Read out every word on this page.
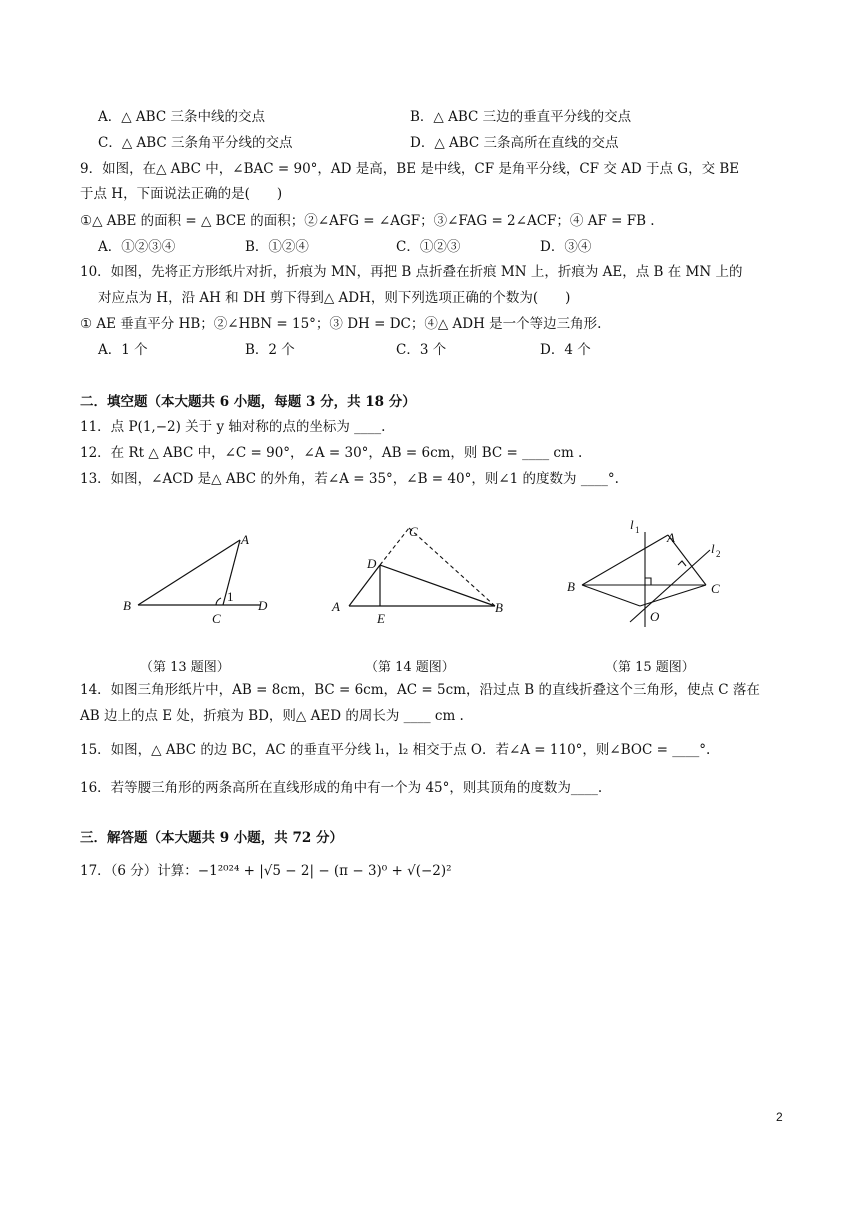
A．△ ABC 三条中线的交点	B．△ ABC 三边的垂直平分线的交点
C．△ ABC 三条角平分线的交点	D．△ ABC 三条高所在直线的交点
9．如图，在△ ABC 中，∠BAC = 90°，AD 是高，BE 是中线，CF 是角平分线，CF 交 AD 于点 G，交 BE
于点 H，下面说法正确的是(　　)
①△ ABE 的面积 = △ BCE 的面积；②∠AFG = ∠AGF；③∠FAG = 2∠ACF；④ AF = FB .
A．①②③④	B．①②④	C．①②③	D．③④
10．如图，先将正方形纸片对折，折痕为 MN，再把 B 点折叠在折痕 MN 上，折痕为 AE，点 B 在 MN 上的
对应点为 H，沿 AH 和 DH 剪下得到△ ADH，则下列选项正确的个数为(　　)
① AE 垂直平分 HB；②∠HBN = 15°；③ DH = DC；④△ ADH 是一个等边三角形.
A．1 个	B．2 个	C．3 个	D．4 个
二．填空题（本大题共 6 小题，每题 3 分，共 18 分）
11．点 P(1,−2) 关于 y 轴对称的点的坐标为 ____.
12．在 Rt △ ABC 中，∠C = 90°，∠A = 30°，AB = 6cm，则 BC = ____ cm .
13．如图，∠ACD 是△ ABC 的外角，若∠A = 35°，∠B = 40°，则∠1 的度数为 ____°.
A
B
C
D
1
A	B
C
D
E
A
B	C
O
l 1
l 2
（第 13 题图）	（第 14 题图）	（第 15 题图）
14．如图三角形纸片中，AB = 8cm，BC = 6cm，AC = 5cm，沿过点 B 的直线折叠这个三角形，使点 C 落在
AB 边上的点 E 处，折痕为 BD，则△ AED 的周长为 ____ cm .
15．如图，△ ABC 的边 BC，AC 的垂直平分线 l₁，l₂ 相交于点 O．若∠A = 110°，则∠BOC = ____°.
16．若等腰三角形的两条高所在直线形成的角中有一个为 45°，则其顶角的度数为____.
三．解答题（本大题共 9 小题，共 72 分）
17．（6 分）计算：−1²⁰²⁴ + |√5 − 2| − (π − 3)⁰ + √(−2)²
2
